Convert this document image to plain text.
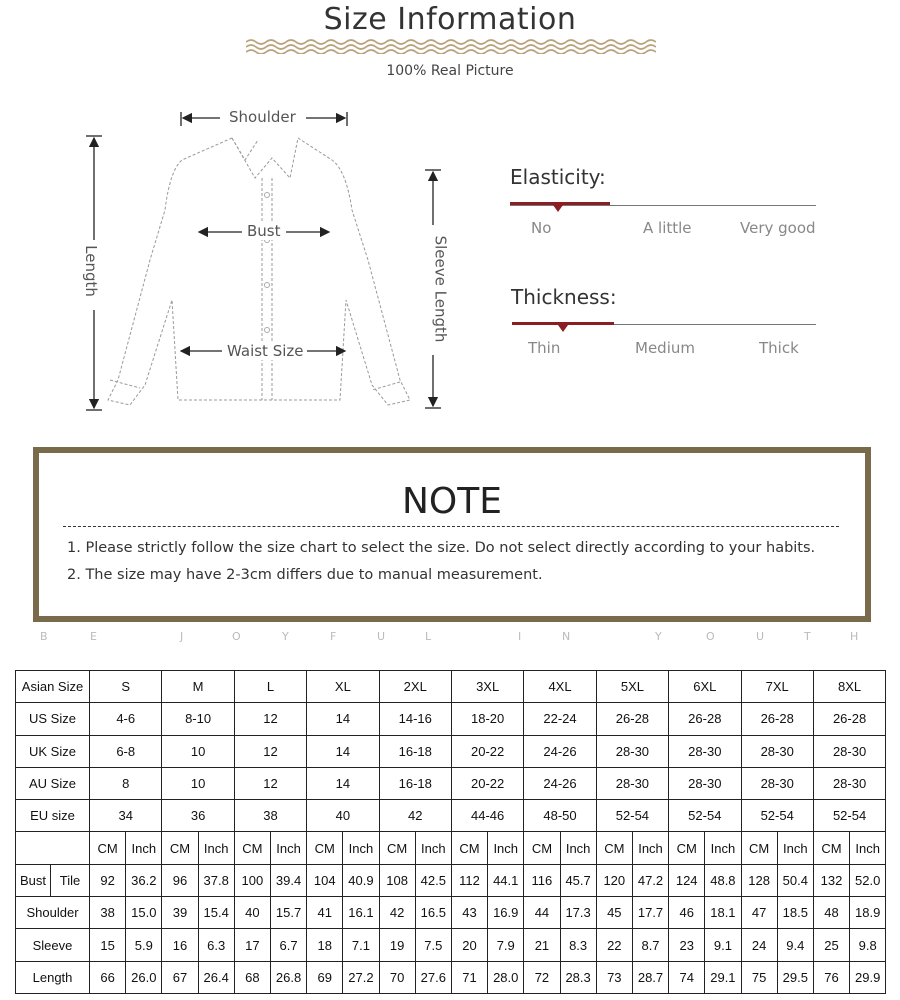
Size Information
100% Real Picture
Shoulder
Bust
Waist Size
Length	Sleeve Length
Elasticity:
No	A little	Very good
Thickness:
Thin	Medium	Thick
NOTE
1. Please strictly follow the size chart to select the size. Do not select directly according to your habits.
2. The size may have 2-3cm differs due to manual measurement.
B	E	J	O	Y	F	U	L	I	N	Y	O	U	T	H
Asian Size		S		M		L		XL		2XL		3XL		4XL		5XL		6XL		7XL		8XL	
US Size		4-6		8-10		12		14		14-16		18-20		22-24		26-28		26-28		26-28		26-28	
UK Size		6-8		10		12		14		16-18		20-22		24-26		28-30		28-30		28-30		28-30	
AU Size		8		10		12		14		16-18		20-22		24-26		28-30		28-30		28-30		28-30	
EU size		34		36		38		40		42		44-46		48-50		52-54		52-54		52-54		52-54	
		CM	Inch	CM	Inch	CM	Inch	CM	Inch	CM	Inch	CM	Inch	CM	Inch	CM	Inch	CM	Inch	CM	Inch	CM	Inch
Bust	Tile	92	36.2	96	37.8	100	39.4	104	40.9	108	42.5	112	44.1	116	45.7	120	47.2	124	48.8	128	50.4	132	52.0
Shoulder		38	15.0	39	15.4	40	15.7	41	16.1	42	16.5	43	16.9	44	17.3	45	17.7	46	18.1	47	18.5	48	18.9
Sleeve		15	5.9	16	6.3	17	6.7	18	7.1	19	7.5	20	7.9	21	8.3	22	8.7	23	9.1	24	9.4	25	9.8
Length		66	26.0	67	26.4	68	26.8	69	27.2	70	27.6	71	28.0	72	28.3	73	28.7	74	29.1	75	29.5	76	29.9
